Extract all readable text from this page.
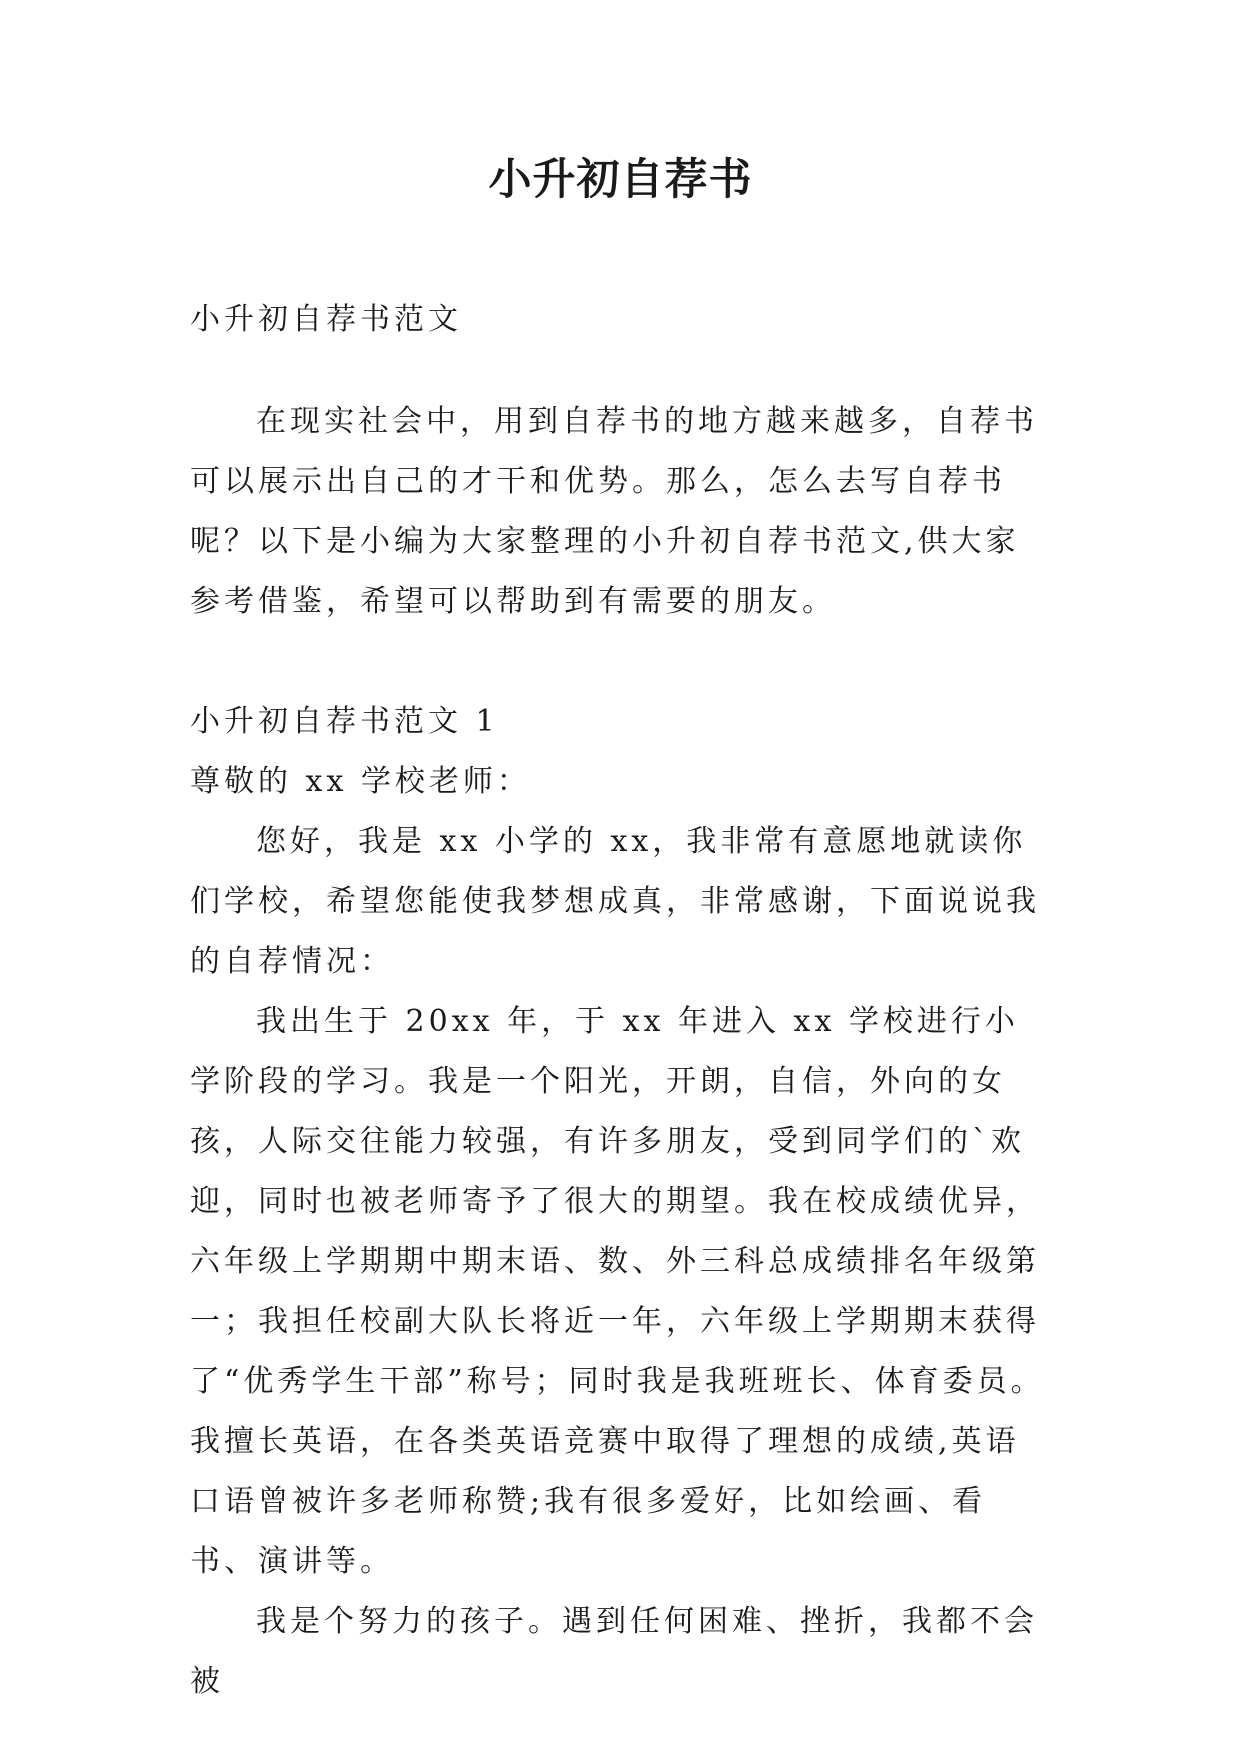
小升初自荐书

小升初自荐书范文

在现实社会中，用到自荐书的地方越来越多，自荐书可以展示出自己的才干和优势。那么，怎么去写自荐书呢？以下是小编为大家整理的小升初自荐书范文,供大家参考借鉴，希望可以帮助到有需要的朋友。

小升初自荐书范文 1

尊敬的 xx 学校老师：

您好，我是 xx 小学的 xx，我非常有意愿地就读你们学校，希望您能使我梦想成真，非常感谢，下面说说我的自荐情况：

我出生于 20xx 年，于 xx 年进入 xx 学校进行小学阶段的学习。我是一个阳光，开朗，自信，外向的女孩，人际交往能力较强，有许多朋友，受到同学们的`欢迎，同时也被老师寄予了很大的期望。我在校成绩优异，六年级上学期期中期末语、数、外三科总成绩排名年级第一；我担任校副大队长将近一年，六年级上学期期末获得了“优秀学生干部”称号；同时我是我班班长、体育委员。我擅长英语，在各类英语竞赛中取得了理想的成绩,英语口语曾被许多老师称赞;我有很多爱好，比如绘画、看书、演讲等。

我是个努力的孩子。遇到任何困难、挫折，我都不会被
